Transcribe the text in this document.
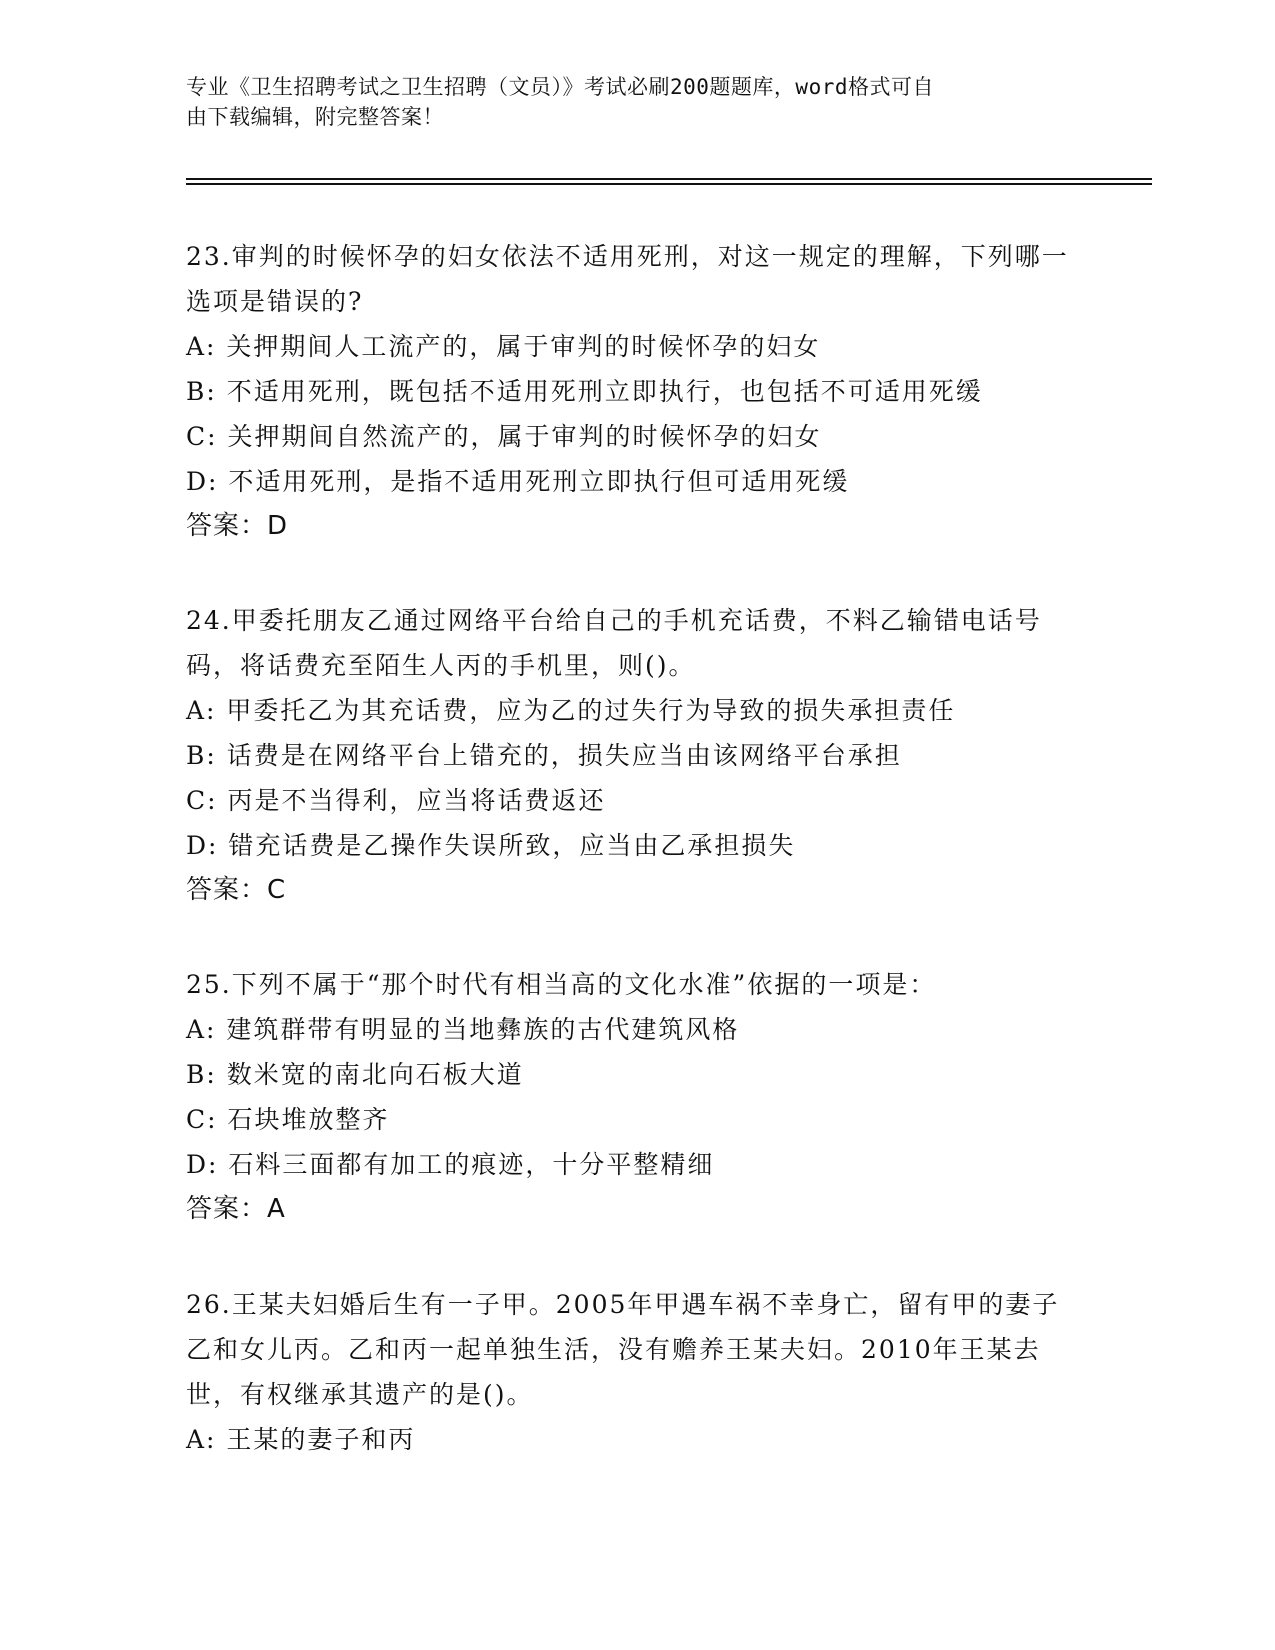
专业《卫生招聘考试之卫生招聘（文员）》考试必刷200题题库，word格式可自
由下载编辑，附完整答案！

23.审判的时候怀孕的妇女依法不适用死刑，对这一规定的理解，下列哪一选项是错误的?

A: 关押期间人工流产的，属于审判的时候怀孕的妇女

B: 不适用死刑，既包括不适用死刑立即执行，也包括不可适用死缓

C: 关押期间自然流产的，属于审判的时候怀孕的妇女

D: 不适用死刑，是指不适用死刑立即执行但可适用死缓

答案：D

24.甲委托朋友乙通过网络平台给自己的手机充话费，不料乙输错电话号码，将话费充至陌生人丙的手机里，则()。

A: 甲委托乙为其充话费，应为乙的过失行为导致的损失承担责任

B: 话费是在网络平台上错充的，损失应当由该网络平台承担

C: 丙是不当得利，应当将话费返还

D: 错充话费是乙操作失误所致，应当由乙承担损失

答案：C

25.下列不属于“那个时代有相当高的文化水准”依据的一项是：

A: 建筑群带有明显的当地彝族的古代建筑风格

B: 数米宽的南北向石板大道

C: 石块堆放整齐

D: 石料三面都有加工的痕迹，十分平整精细

答案：A

26.王某夫妇婚后生有一子甲。2005年甲遇车祸不幸身亡，留有甲的妻子乙和女儿丙。乙和丙一起单独生活，没有赡养王某夫妇。2010年王某去世，有权继承其遗产的是()。

A: 王某的妻子和丙
